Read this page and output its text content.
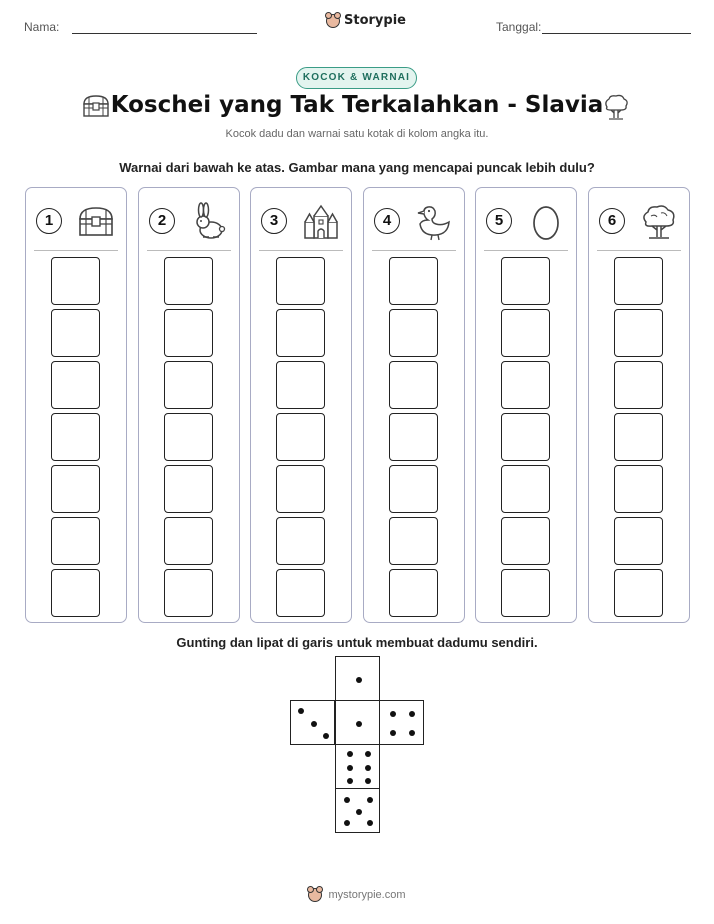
Nama:	Storypie	Tanggal:
KOCOK & WARNAI
Koschei yang Tak Terkalahkan - Slavia
Kocok dadu dan warnai satu kotak di kolom angka itu.
Warnai dari bawah ke atas. Gambar mana yang mencapai puncak lebih dulu?
1	2	3	4	5	6
Gunting dan lipat di garis untuk membuat dadumu sendiri.
mystorypie.com
